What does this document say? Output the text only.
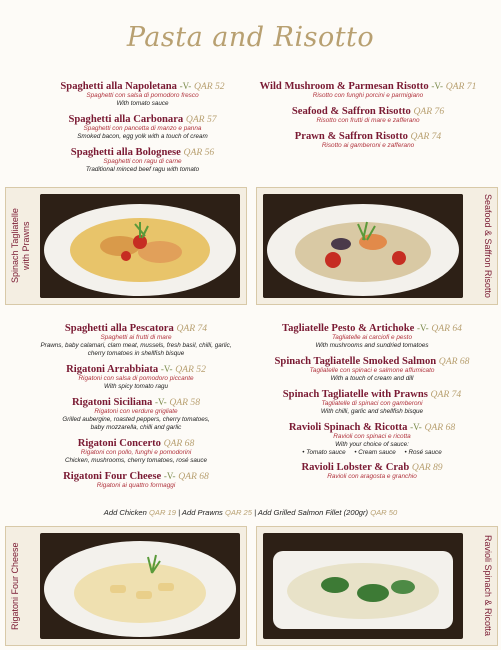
Pasta and Risotto
Spaghetti alla Napoletana -V- QAR 52
Spaghetti con salsa di pomodoro fresco
With tomato sauce
Spaghetti alla Carbonara QAR 57
Spaghetti con pancetta di manzo e panna
Smoked bacon, egg yolk with a touch of cream
Spaghetti alla Bolognese QAR 56
Spaghetti con ragu di carne
Traditional minced beef ragu with tomato
Wild Mushroom & Parmesan Risotto -V- QAR 71
Risotto con funghi porcini e parmigiano
Seafood & Saffron Risotto QAR 76
Risotto con frutti di mare e zafferano
Prawn & Saffron Risotto QAR 74
Risotto ai gamberoni e zafferano
Spinach Tagliatelle
with Prawns	Seafood & Saffron Risotto
Spaghetti alla Pescatora QAR 74
Spaghetti ai frutti di mare
Prawns, baby calamari, clam meat, mussels, fresh basil, chilli, garlic,
cherry tomatoes in shellfish bisque
Rigatoni Arrabbiata -V- QAR 52
Rigatoni con salsa di pomodoro piccante
With spicy tomato ragu
Rigatoni Siciliana -V- QAR 58
Rigatoni con verdure grigliate
Grilled aubergine, roasted peppers, cherry tomatoes,
baby mozzarella, chilli and garlic
Rigatoni Concerto QAR 68
Rigatoni con pollo, funghi e pomodorini
Chicken, mushrooms, cherry tomatoes, rosé sauce
Rigatoni Four Cheese -V- QAR 68
Rigatoni ai quattro formaggi
Tagliatelle Pesto & Artichoke -V- QAR 64
Tagliatelle ai carciofi e pesto
With mushrooms and sundried tomatoes
Spinach Tagliatelle Smoked Salmon QAR 68
Tagliatelle con spinaci e salmone affumicato
With a touch of cream and dill
Spinach Tagliatelle with Prawns QAR 74
Tagliatelle di spinaci con gamberoni
With chilli, garlic and shellfish bisque
Ravioli Spinach & Ricotta -V- QAR 68
Ravioli con spinaci e ricotta
With your choice of sauce:
• Tomato sauce • Cream sauce • Rosé sauce
Ravioli Lobster & Crab QAR 89
Ravioli con aragosta e granchio
Add Chicken QAR 19 | Add Prawns QAR 25 | Add Grilled Salmon Fillet (200gr) QAR 50
Rigatoni Four Cheese	Ravioli Spinach & Ricotta
